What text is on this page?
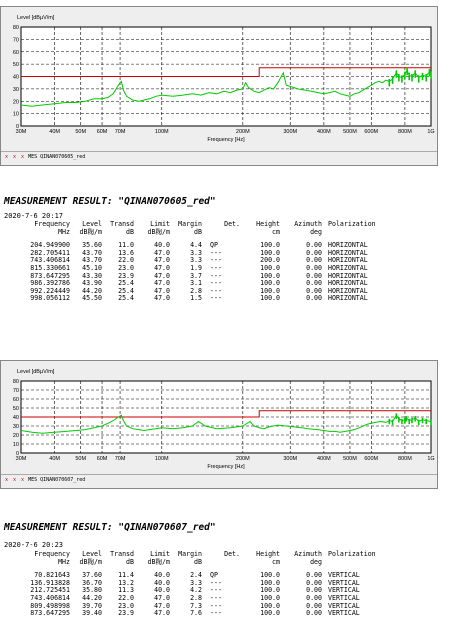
Level [dBµV/m]
80
70
60
50
40
30
20
10
0
30M	40M	50M 60M 70M	100M	200M	300M	400M 500M 600M	800M	1G
Frequency [Hz]
x x x MES QINAN070605_red
MEASUREMENT RESULT: "QINAN070605_red"
2020-7-6 20:17
Frequency	Level	Transd	Limit	Margin	Det.	Height	Azimuth	Polarization
MHz	dB粷/m	dB	dB粷/m	dB		cm	deg	

204.949900	35.60	11.0	40.0	4.4	QP	100.0	0.00	HORIZONTAL
282.705411	43.70	13.6	47.0	3.3	---	100.0	0.00	HORIZONTAL
743.406814	43.70	22.0	47.0	3.3	---	200.0	0.00	HORIZONTAL
815.330661	45.10	23.0	47.0	1.9	---	100.0	0.00	HORIZONTAL
873.647295	43.30	23.9	47.0	3.7	---	100.0	0.00	HORIZONTAL
986.392786	43.90	25.4	47.0	3.1	---	100.0	0.00	HORIZONTAL
992.224449	44.20	25.4	47.0	2.8	---	100.0	0.00	HORIZONTAL
998.056112	45.50	25.4	47.0	1.5	---	100.0	0.00	HORIZONTAL
Level [dBµV/m]
80
70
60
50
40
30
20
10
0
30M	40M	50M 60M 70M	100M	200M	300M	400M 500M 600M	800M	1G
Frequency [Hz]
x x x MES QINAN070607_red
MEASUREMENT RESULT: "QINAN070607_red"
2020-7-6 20:23
Frequency	Level	Transd	Limit	Margin	Det.	Height	Azimuth	Polarization
MHz	dB粷/m	dB	dB粷/m	dB		cm	deg	

70.821643	37.60	11.4	40.0	2.4	QP	100.0	0.00	VERTICAL
136.913828	36.70	13.2	40.0	3.3	---	100.0	0.00	VERTICAL
212.725451	35.80	11.3	40.0	4.2	---	100.0	0.00	VERTICAL
743.406814	44.20	22.0	47.0	2.8	---	100.0	0.00	VERTICAL
809.498998	39.70	23.0	47.0	7.3	---	100.0	0.00	VERTICAL
873.647295	39.40	23.9	47.0	7.6	---	100.0	0.00	VERTICAL
